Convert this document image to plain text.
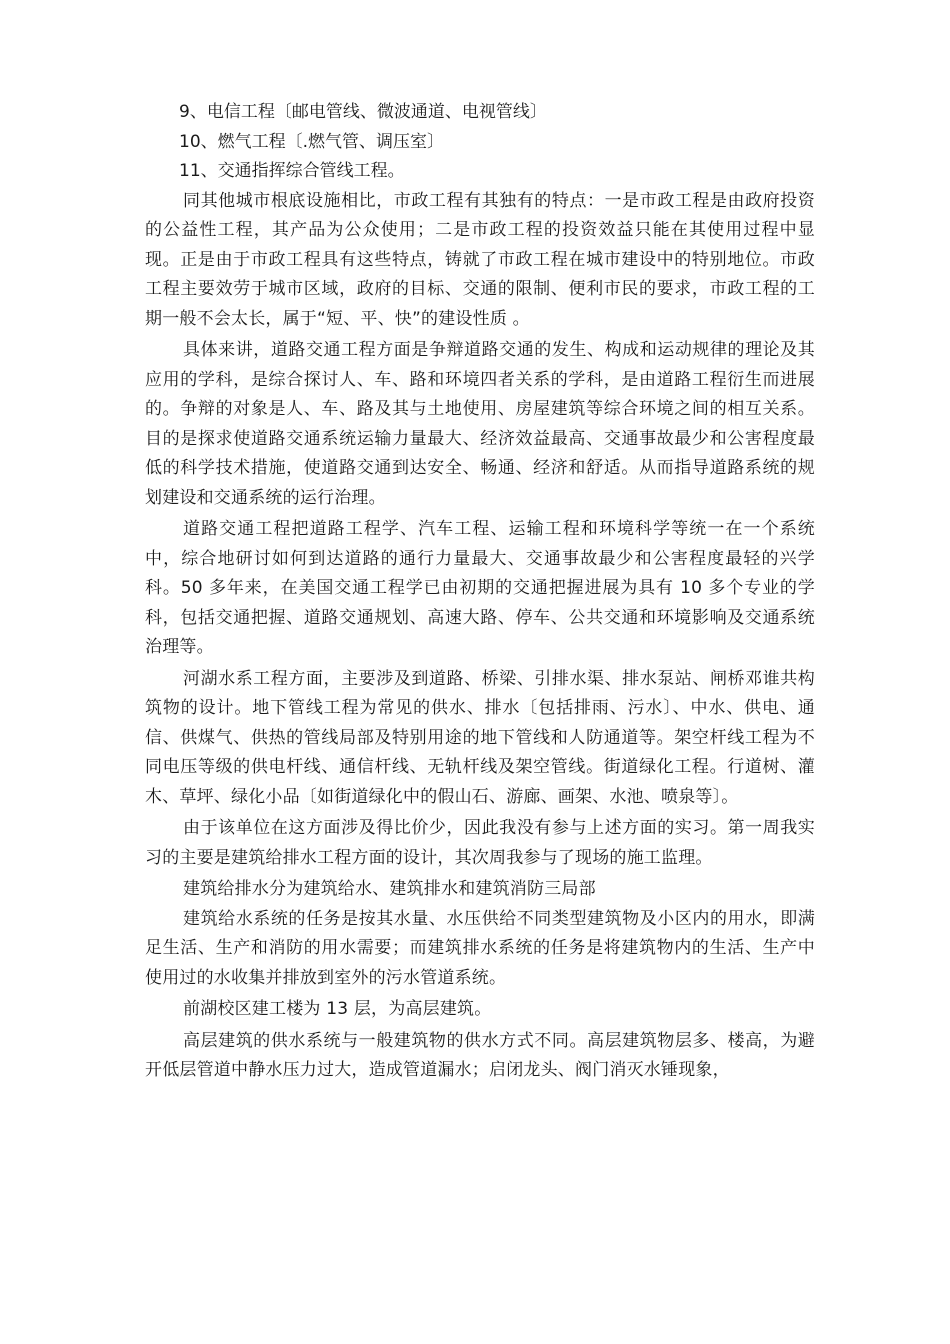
9、电信工程〔邮电管线、微波通道、电视管线〕

10、燃气工程〔.燃气管、调压室〕

11、交通指挥综合管线工程。

同其他城市根底设施相比，市政工程有其独有的特点：一是市政工程是由政府投资的公益性工程，其产品为公众使用；二是市政工程的投资效益只能在其使用过程中显现。正是由于市政工程具有这些特点，铸就了市政工程在城市建设中的特别地位。市政工程主要效劳于城市区域，政府的目标、交通的限制、便利市民的要求，市政工程的工期一般不会太长，属于“短、平、快”的建设性质 。

具体来讲，道路交通工程方面是争辩道路交通的发生、构成和运动规律的理论及其应用的学科，是综合探讨人、车、路和环境四者关系的学科，是由道路工程衍生而进展的。争辩的对象是人、车、路及其与土地使用、房屋建筑等综合环境之间的相互关系。目的是探求使道路交通系统运输力量最大、经济效益最高、交通事故最少和公害程度最低的科学技术措施，使道路交通到达安全、畅通、经济和舒适。从而指导道路系统的规划建设和交通系统的运行治理。

道路交通工程把道路工程学、汽车工程、运输工程和环境科学等统一在一个系统中，综合地研讨如何到达道路的通行力量最大、交通事故最少和公害程度最轻的兴学科。50 多年来，在美国交通工程学已由初期的交通把握进展为具有 10 多个专业的学科，包括交通把握、道路交通规划、高速大路、停车、公共交通和环境影响及交通系统治理等。

河湖水系工程方面，主要涉及到道路、桥梁、引排水渠、排水泵站、闸桥邓谁共构筑物的设计。地下管线工程为常见的供水、排水〔包括排雨、污水〕、中水、供电、通信、供煤气、供热的管线局部及特别用途的地下管线和人防通道等。架空杆线工程为不同电压等级的供电杆线、通信杆线、无轨杆线及架空管线。街道绿化工程。行道树、灌木、草坪、绿化小品〔如街道绿化中的假山石、游廊、画架、水池、喷泉等〕。

由于该单位在这方面涉及得比价少，因此我没有参与上述方面的实习。第一周我实习的主要是建筑给排水工程方面的设计，其次周我参与了现场的施工监理。

建筑给排水分为建筑给水、建筑排水和建筑消防三局部

建筑给水系统的任务是按其水量、水压供给不同类型建筑物及小区内的用水，即满足生活、生产和消防的用水需要；而建筑排水系统的任务是将建筑物内的生活、生产中使用过的水收集并排放到室外的污水管道系统。

前湖校区建工楼为 13 层，为高层建筑。

高层建筑的供水系统与一般建筑物的供水方式不同。高层建筑物层多、楼高，为避开低层管道中静水压力过大，造成管道漏水；启闭龙头、阀门消灭水锤现象，
